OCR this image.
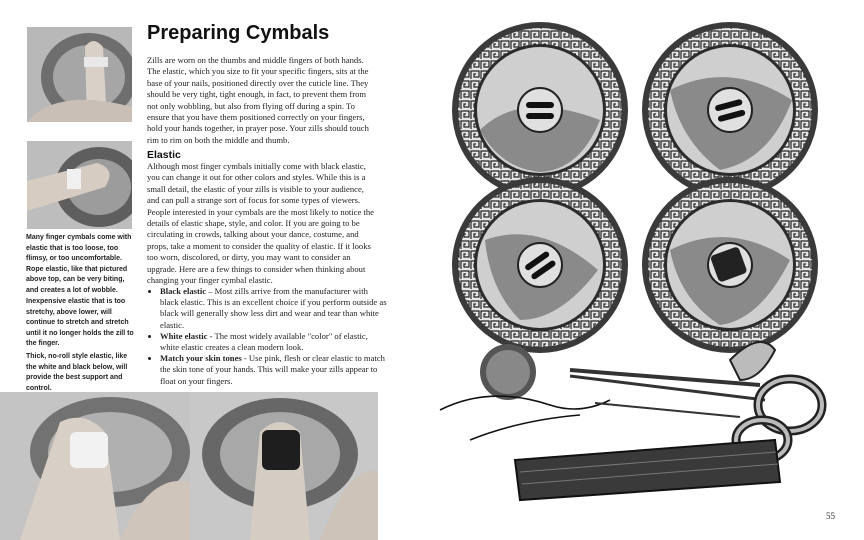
Many finger cymbals come with elastic that is too loose, too flimsy, or too uncomfortable. Rope elastic, like that pictured above top, can be very biting, and creates a lot of wobble.

Inexpensive elastic that is too stretchy, above lower, will continue to stretch and stretch until it no longer holds the zill to the finger.

Thick, no-roll style elastic, like the white and black below, will provide the best support and control.

Preparing Cymbals

Zills are worn on the thumbs and middle fingers of both hands. The elastic, which you size to fit your specific fingers, sits at the base of your nails, positioned directly over the cuticle line. They should be very tight, tight enough, in fact, to prevent them from not only wobbling, but also from flying off during a spin. To ensure that you have them positioned correctly on your fingers, hold your hands together, in prayer pose. Your zills should touch rim to rim on both the middle and thumb.

Elastic

Although most finger cymbals initially come with black elastic, you can change it out for other colors and styles. While this is a small detail, the elastic of your zills is visible to your audience, and can pull a strange sort of focus for some types of viewers. People interested in your cymbals are the most likely to notice the details of elastic shape, style, and color. If you are going to be circulating in crowds, talking about your dance, costume, and props, take a moment to consider the quality of elastic. If it looks too worn, discolored, or dirty, you may want to consider an upgrade. Here are a few things to consider when thinking about changing your finger cymbal elastic.

• Black elastic – Most zills arrive from the manufacturer with black elastic. This is an excellent choice if you perform outside as black will generally show less dirt and wear and tear than white elastic.
• White elastic - The most widely available "color" of elastic, white elastic creates a clean modern look.
• Match your skin tones - Use pink, flesh or clear elastic to match the skin tone of your hands. This will make your zills appear to float on your fingers.
55
